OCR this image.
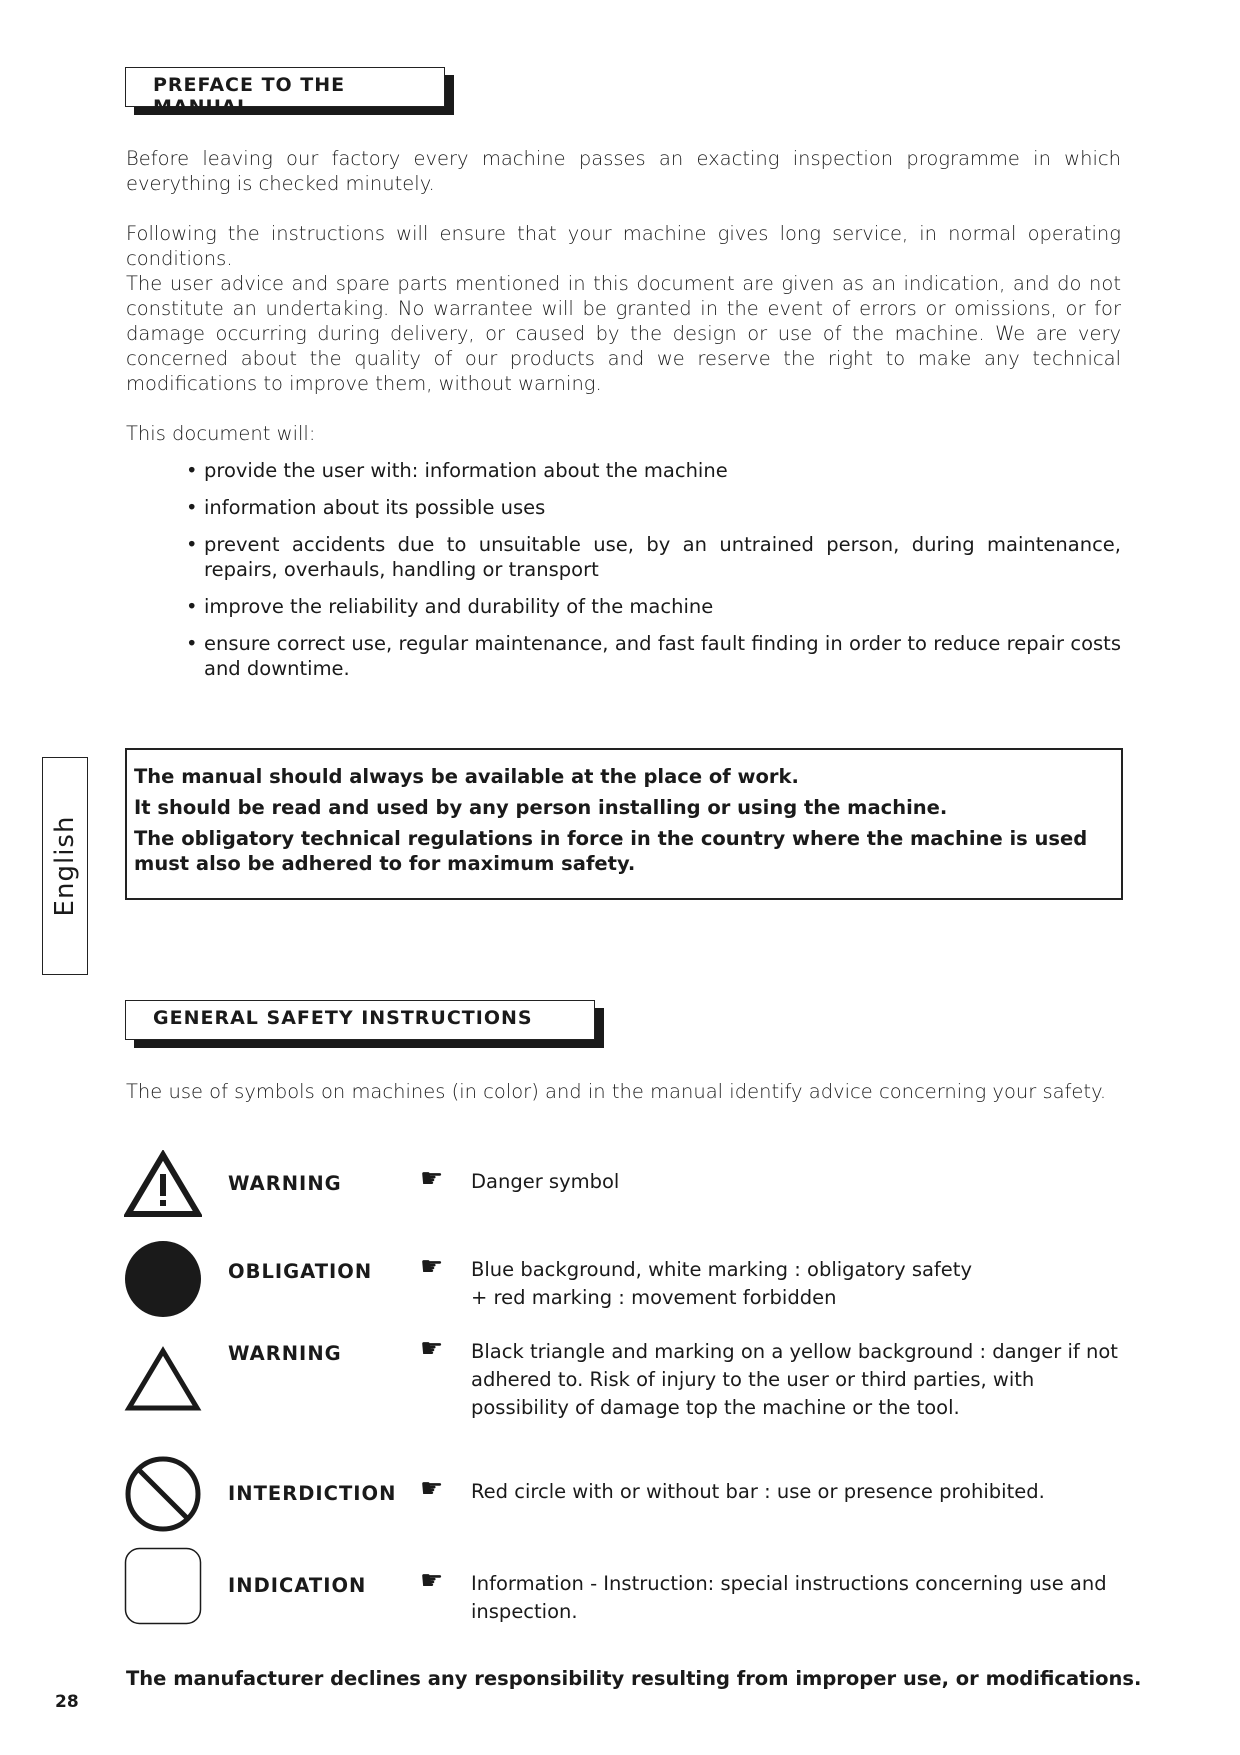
PREFACE TO THE MANUAL

Before leaving our factory every machine passes an exacting inspection programme in which everything is checked minutely.

Following the instructions will ensure that your machine gives long service, in normal operating conditions.

The user advice and spare parts mentioned in this document are given as an indication, and do not constitute an undertaking. No warrantee will be granted in the event of errors or omissions, or for damage occurring during delivery, or caused by the design or use of the machine. We are very concerned about the quality of our products and we reserve the right to make any technical modifications to improve them, without warning.

This document will:

• provide the user with: information about the machine
• information about its possible uses
• prevent accidents due to unsuitable use, by an untrained person, during maintenance, repairs, overhauls, handling or transport
• improve the reliability and durability of the machine
• ensure correct use, regular maintenance, and fast fault finding in order to reduce repair costs and downtime.

The manual should always be available at the place of work.

It should be read and used by any person installing or using the machine.

The obligatory technical regulations in force in the country where the machine is used must also be adhered to for maximum safety.

English
GENERAL SAFETY INSTRUCTIONS

The use of symbols on machines (in color) and in the manual identify advice concerning your safety.

WARNING	☛ Danger symbol
OBLIGATION ☛ Blue background, white marking : obligatory safety
+ red marking : movement forbidden
WARNING	☛ Black triangle and marking on a yellow background : danger if not adhered to. Risk of injury to the user or third parties, with possibility of damage top the machine or the tool.
INTERDICTION ☛ Red circle with or without bar : use or presence prohibited.
INDICATION ☛ Information - Instruction: special instructions concerning use and inspection.
The manufacturer declines any responsibility resulting from improper use, or modifications.
28
